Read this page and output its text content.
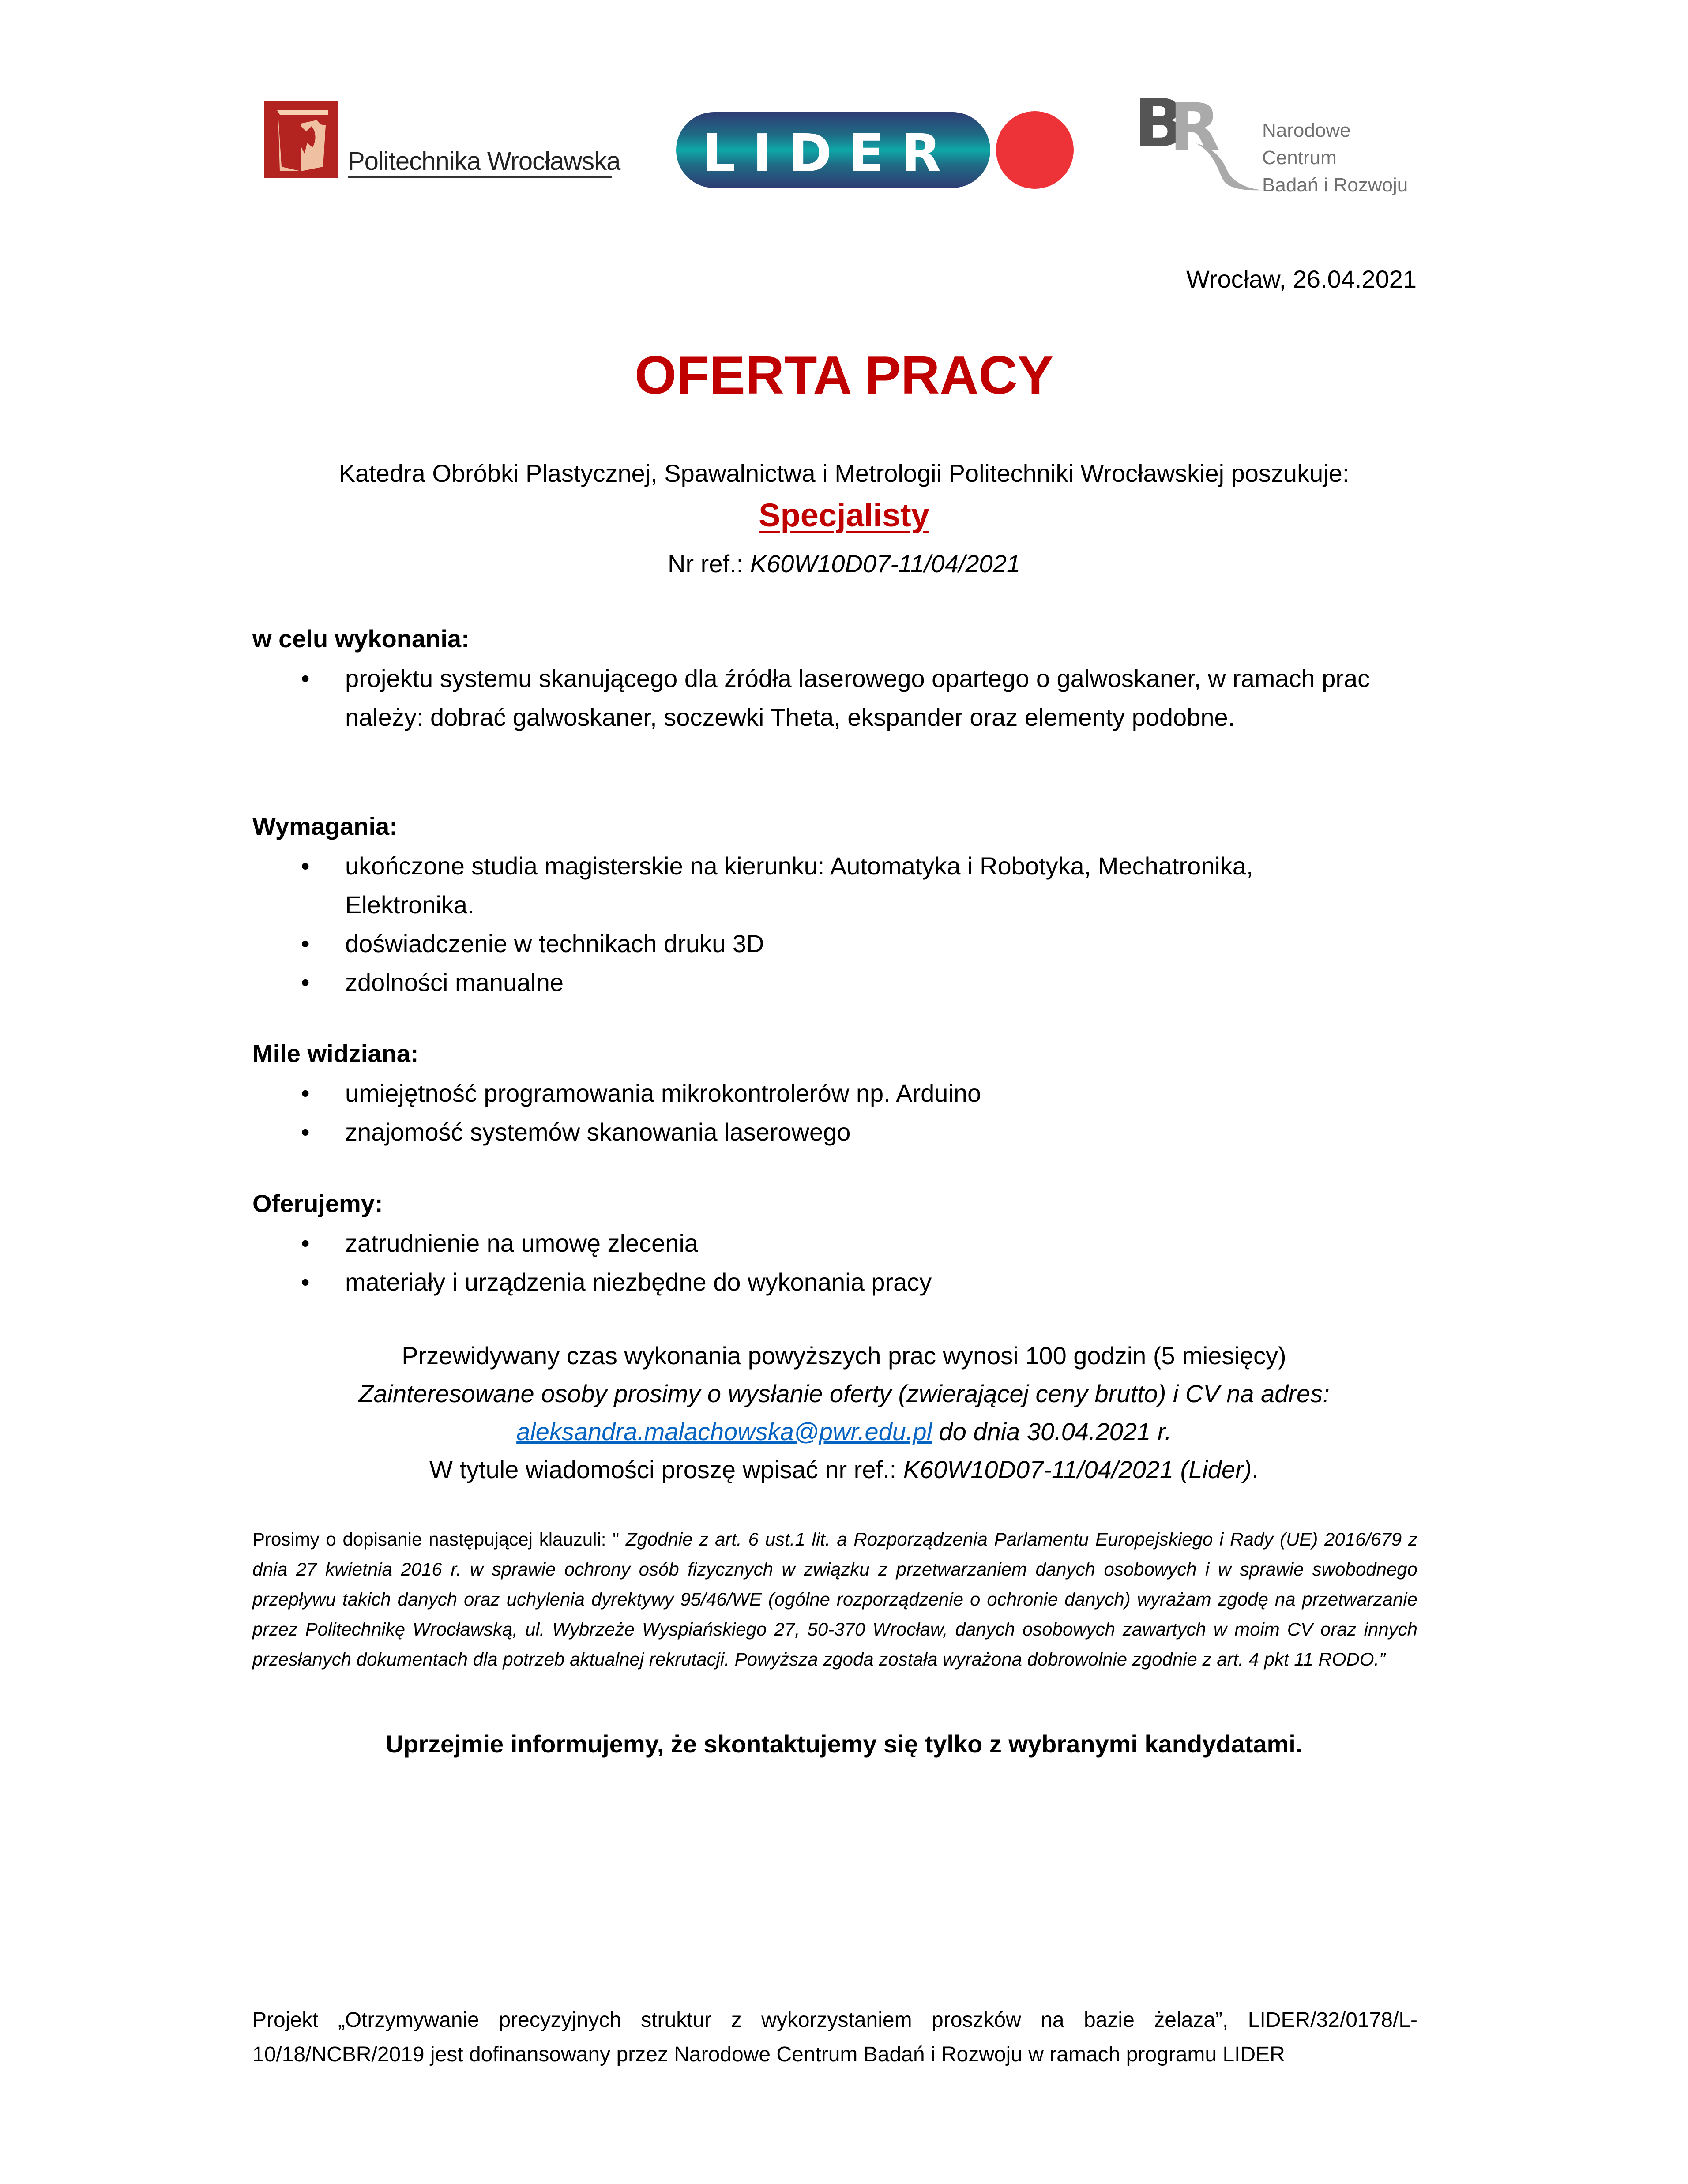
Politechnika Wrocławska LIDER	B
R Narodowe Centrum
Badań i Rozwoju
Wrocław, 26.04.2021
OFERTA PRACY
Katedra Obróbki Plastycznej, Spawalnictwa i Metrologii Politechniki Wrocławskiej poszukuje:
Specjalisty
Nr ref.: K60W10D07-11/04/2021
w celu wykonania:
• projektu systemu skanującego dla źródła laserowego opartego o galwoskaner, w ramach prac należy: dobrać galwoskaner, soczewki Theta, ekspander oraz elementy podobne.
Wymagania:
• ukończone studia magisterskie na kierunku: Automatyka i Robotyka, Mechatronika, Elektronika.
• doświadczenie w technikach druku 3D
• zdolności manualne
Mile widziana:
• umiejętność programowania mikrokontrolerów np. Arduino
• znajomość systemów skanowania laserowego
Oferujemy:
• zatrudnienie na umowę zlecenia
• materiały i urządzenia niezbędne do wykonania pracy
Przewidywany czas wykonania powyższych prac wynosi 100 godzin (5 miesięcy)
Zainteresowane osoby prosimy o wysłanie oferty (zwierającej ceny brutto) i CV na adres:
aleksandra.malachowska@pwr.edu.pl do dnia 30.04.2021 r.
W tytule wiadomości proszę wpisać nr ref.: K60W10D07-11/04/2021 (Lider).
Prosimy o dopisanie następującej klauzuli: " Zgodnie z art. 6 ust.1 lit. a Rozporządzenia Parlamentu Europejskiego i Rady (UE) 2016/679 z dnia 27 kwietnia 2016 r. w sprawie ochrony osób fizycznych w związku z przetwarzaniem danych osobowych i w sprawie swobodnego przepływu takich danych oraz uchylenia dyrektywy 95/46/WE (ogólne rozporządzenie o ochronie danych) wyrażam zgodę na przetwarzanie przez Politechnikę Wrocławską, ul. Wybrzeże Wyspiańskiego 27, 50-370 Wrocław, danych osobowych zawartych w moim CV oraz innych przesłanych dokumentach dla potrzeb aktualnej rekrutacji. Powyższa zgoda została wyrażona dobrowolnie zgodnie z art. 4 pkt 11 RODO.”
Uprzejmie informujemy, że skontaktujemy się tylko z wybranymi kandydatami.
Projekt „Otrzymywanie precyzyjnych struktur z wykorzystaniem proszków na bazie żelaza”, LIDER/32/0178/L-10/18/NCBR/2019 jest dofinansowany przez Narodowe Centrum Badań i Rozwoju w ramach programu LIDER
